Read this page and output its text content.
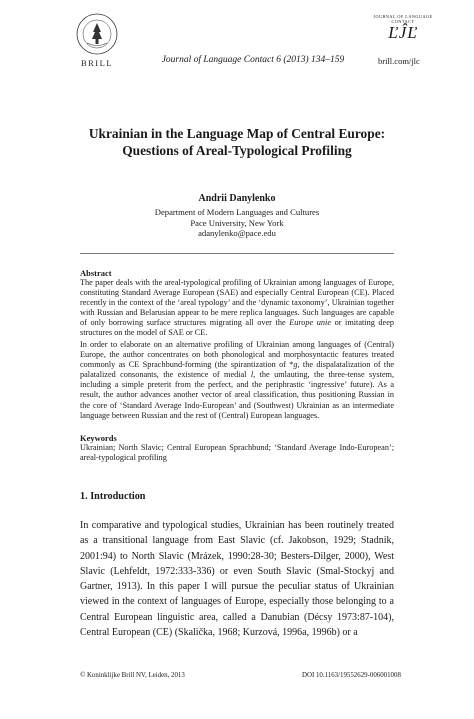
BRILL	Journal of Language Contact 6 (2013) 134–159
JOURNAL OF LANGUAGE CONTACT
ĽĴĽ
brill.com/jlc
Ukrainian in the Language Map of Central Europe:
Questions of Areal-Typological Profiling
Andrii Danylenko
Department of Modern Languages and Cultures
Pace University, New York
adanylenko@pace.edu
Abstract
The paper deals with the areal-typological profiling of Ukrainian among languages of Europe, constituting Standard Average European (SAE) and especially Central European (CE). Placed recently in the context of the ‘areal typology’ and the ‘dynamic taxonomy’, Ukrainian together with Russian and Belarusian appear to be mere replica languages. Such languages are capable of only borrowing surface structures migrating all over the Europe unie or imitating deep structures on the model of SAE or CE.
In order to elaborate on an alternative profiling of Ukrainian among languages of (Central) Europe, the author concentrates on both phonological and morphosyntactic features treated commonly as CE Sprachbund-forming (the spirantization of *g, the dispalatalization of the palatalized consonants, the existence of medial l, the umlauting, the three-tense system, including a simple preterit from the perfect, and the periphrastic ‘ingressive’ future). As a result, the author advances another vector of areal classification, thus positioning Russian in the core of ‘Standard Average Indo-European’ and (Southwest) Ukrainian as an intermediate language between Russian and the rest of (Central) European languages.
Keywords
Ukrainian; North Slavic; Central European Sprachbund; ‘Standard Average Indo-European’; areal-typological profiling
1. Introduction
In comparative and typological studies, Ukrainian has been routinely treated as a transitional language from East Slavic (cf. Jakobson, 1929; Stadnik, 2001:94) to North Slavic (Mrázek, 1990:28-30; Besters-Dilger, 2000), West Slavic (Lehfeldt, 1972:333-336) or even South Slavic (Smal-Stockyj and Gartner, 1913). In this paper I will pursue the peculiar status of Ukrainian viewed in the context of languages of Europe, especially those belonging to a Central European linguistic area, called a Danubian (Décsy 1973:87-104), Central European (CE) (Skalička, 1968; Kurzová, 1996a, 1996b) or a
© Koninklijke Brill NV, Leiden, 2013	DOI 10.1163/19552629-006001008
